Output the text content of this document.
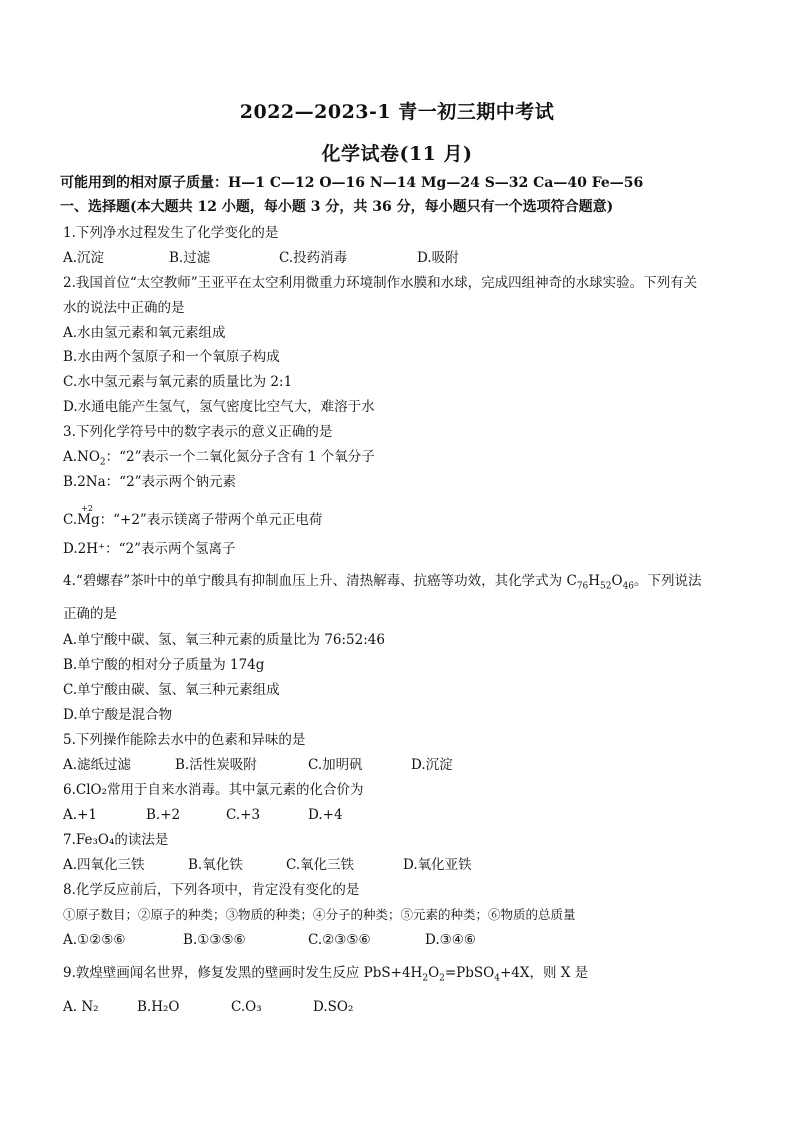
2022—2023-1 青一初三期中考试
化学试卷(11 月)
可能用到的相对原子质量：H—1 C—12 O—16 N—14 Mg—24 S—32 Ca—40 Fe—56
一、选择题(本大题共 12 小题，每小题 3 分，共 36 分，每小题只有一个选项符合题意)
1.下列净水过程发生了化学变化的是
A.沉淀	B.过滤	C.投药消毒	D.吸附
2.我国首位“太空教师”王亚平在太空利用微重力环境制作水膜和水球，完成四组神奇的水球实验。下列有关
水的说法中正确的是
A.水由氢元素和氧元素组成
B.水由两个氢原子和一个氧原子构成
C.水中氢元素与氧元素的质量比为 2:1
D.水通电能产生氢气，氢气密度比空气大，难溶于水
3.下列化学符号中的数字表示的意义正确的是
$A.NO_2$：“2”表示一个二氧化氮分子含有 1 个氧分子
B.2Na：“2”表示两个钠元素
C.
+2
Mg：“+2”表示镁离子带两个单元正电荷
D.2H⁺：“2”表示两个氢离子
4.“碧螺春”茶叶中的单宁酸具有抑制血压上升、清热解毒、抗癌等功效，其化学式为 $C_{76}H_{52}O_{46}$。下列说法
正确的是
A.单宁酸中碳、氢、氧三种元素的质量比为 76:52:46
B.单宁酸的相对分子质量为 174g
C.单宁酸由碳、氢、氧三种元素组成
D.单宁酸是混合物
5.下列操作能除去水中的色素和异味的是
A.滤纸过滤	B.活性炭吸附	C.加明矾	D.沉淀
6.ClO₂常用于自来水消毒。其中氯元素的化合价为
A.+1	B.+2	C.+3	D.+4
7.Fe₃O₄的读法是
A.四氧化三铁	B.氧化铁	C.氧化三铁	D.氧化亚铁
8.化学反应前后，下列各项中，肯定没有变化的是
①原子数目；②原子的种类；③物质的种类；④分子的种类；⑤元素的种类；⑥物质的总质量
A.①②⑤⑥	B.①③⑤⑥	C.②③⑤⑥	D.③④⑥
9.敦煌壁画闻名世界，修复发黑的壁画时发生反应 $PbS+4H_2O_2=PbSO_4+4X$，则 X 是
A. N₂	B.H₂O	C.O₃	D.SO₂
